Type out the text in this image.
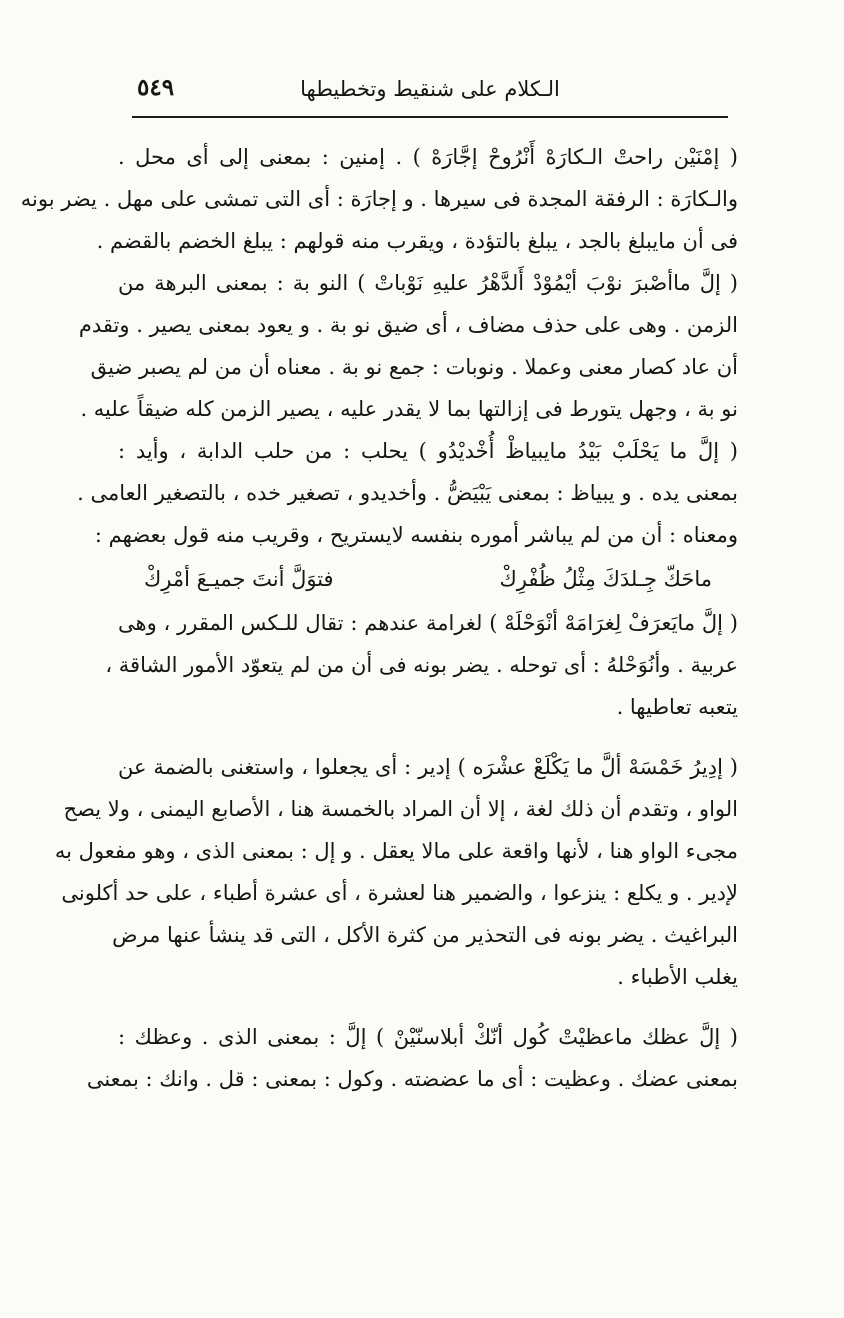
الـكلام على شنقيط وتخطيطها
٥٤٩
( إمْنَيْن راحتْ الـكارَهْ أَنْرُوحْ إجَّارَهْ ) . إمنين : بمعنى إلى أى محل .
والـكارَة : الرفقة المجدة فى سيرها . و إجارَة : أى التى تمشى على مهل . يضر بونه
فى أن مايبلغ بالجد ، يبلغ بالتؤدة ، ويقرب منه قولهم : يبلغ الخضم بالقضم .
( إلَّ ماأصْبرَ نوْبَ أيْمُوْدْ أَلدَّهْرُ عليهِ نَوْباتْ ) النو بة : بمعنى البرهة من
الزمن . وهى على حذف مضاف ، أى ضيق نو بة . و يعود بمعنى يصير . وتقدم
أن عاد كصار معنى وعملا . ونوبات : جمع نو بة . معناه أن من لم يصبر ضيق
نو بة ، وجهل يتورط فى إزالتها بما لا يقدر عليه ، يصير الزمن كله ضيقاً عليه .
( إلَّ ما يَحْلَبْ بَيْدُ مايبياظْ أُخْديْدُو ) يحلب : من حلب الدابة ، وأيد :
بمعنى يده . و يبياظ : بمعنى يَبْيَضُّ . وأخديدو ، تصغير خده ، بالتصغير العامى .
ومعناه : أن من لم يباشر أموره بنفسه لايستريح ، وقريب منه قول بعضهم :
ماحَكّ جِـلدَكَ مِثْلُ ظُفْرِكْ
فتوَلَّ أنتَ جميـعَ أمْرِكْ
( إلَّ مايَعرَفْ لِغرَامَهْ أنْوَحْلَهْ ) لغرامة عندهم : تقال للـكس المقرر ، وهى
عربية . وأنُوَحْلهُ : أى توحله . يضر بونه فى أن من لم يتعوّد الأمور الشاقة ،
يتعبه تعاطيها .
( إدِيرُ خَمْسَهْ ألَّ ما يَكْلَعْ عشْرَه ) إدير : أى يجعلوا ، واستغنى بالضمة عن
الواو ، وتقدم أن ذلك لغة ، إلا أن المراد بالخمسة هنا ، الأصابع اليمنى ، ولا يصح
مجىء الواو هنا ، لأنها واقعة على مالا يعقل . و إل : بمعنى الذى ، وهو مفعول به
لإدير . و يكلع : ينزعوا ، والضمير هنا لعشرة ، أى عشرة أطباء ، على حد أكلونى
البراغيث . يضر بونه فى التحذير من كثرة الأكل ، التى قد ينشأ عنها مرض
يغلب الأطباء .
( إلَّ عظك ماعظيْتْ كُول أنّكْ أبلاسنّيْنْ ) إلَّ : بمعنى الذى . وعظك :
بمعنى عضك . وعظيت : أى ما عضضته . وكول : بمعنى : قل . وانك : بمعنى
